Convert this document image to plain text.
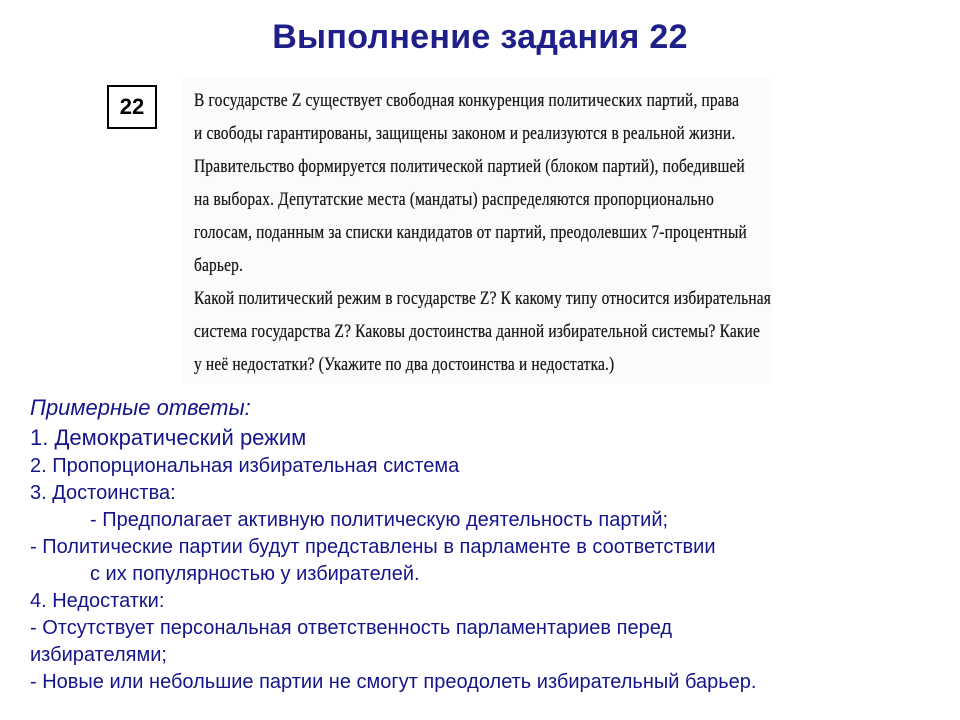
Выполнение задания 22
22	В государстве Z существует свободная конкуренция политических партий, права
и свободы гарантированы, защищены законом и реализуются в реальной жизни.
Правительство формируется политической партией (блоком партий), победившей
на выборах. Депутатские места (мандаты) распределяются пропорционально
голосам, поданным за списки кандидатов от партий, преодолевших 7-процентный
барьер.
Какой политический режим в государстве Z? К какому типу относится избирательная
система государства Z? Каковы достоинства данной избирательной системы? Какие
у неё недостатки? (Укажите по два достоинства и недостатка.)
Примерные ответы:
1. Демократический режим
2. Пропорциональная избирательная система
3. Достоинства:
- Предполагает активную политическую деятельность партий;
- Политические партии будут представлены в парламенте в соответствии
с их популярностью у избирателей.
4. Недостатки:
- Отсутствует персональная ответственность парламентариев перед
избирателями;
- Новые или небольшие партии не смогут преодолеть избирательный барьер.
